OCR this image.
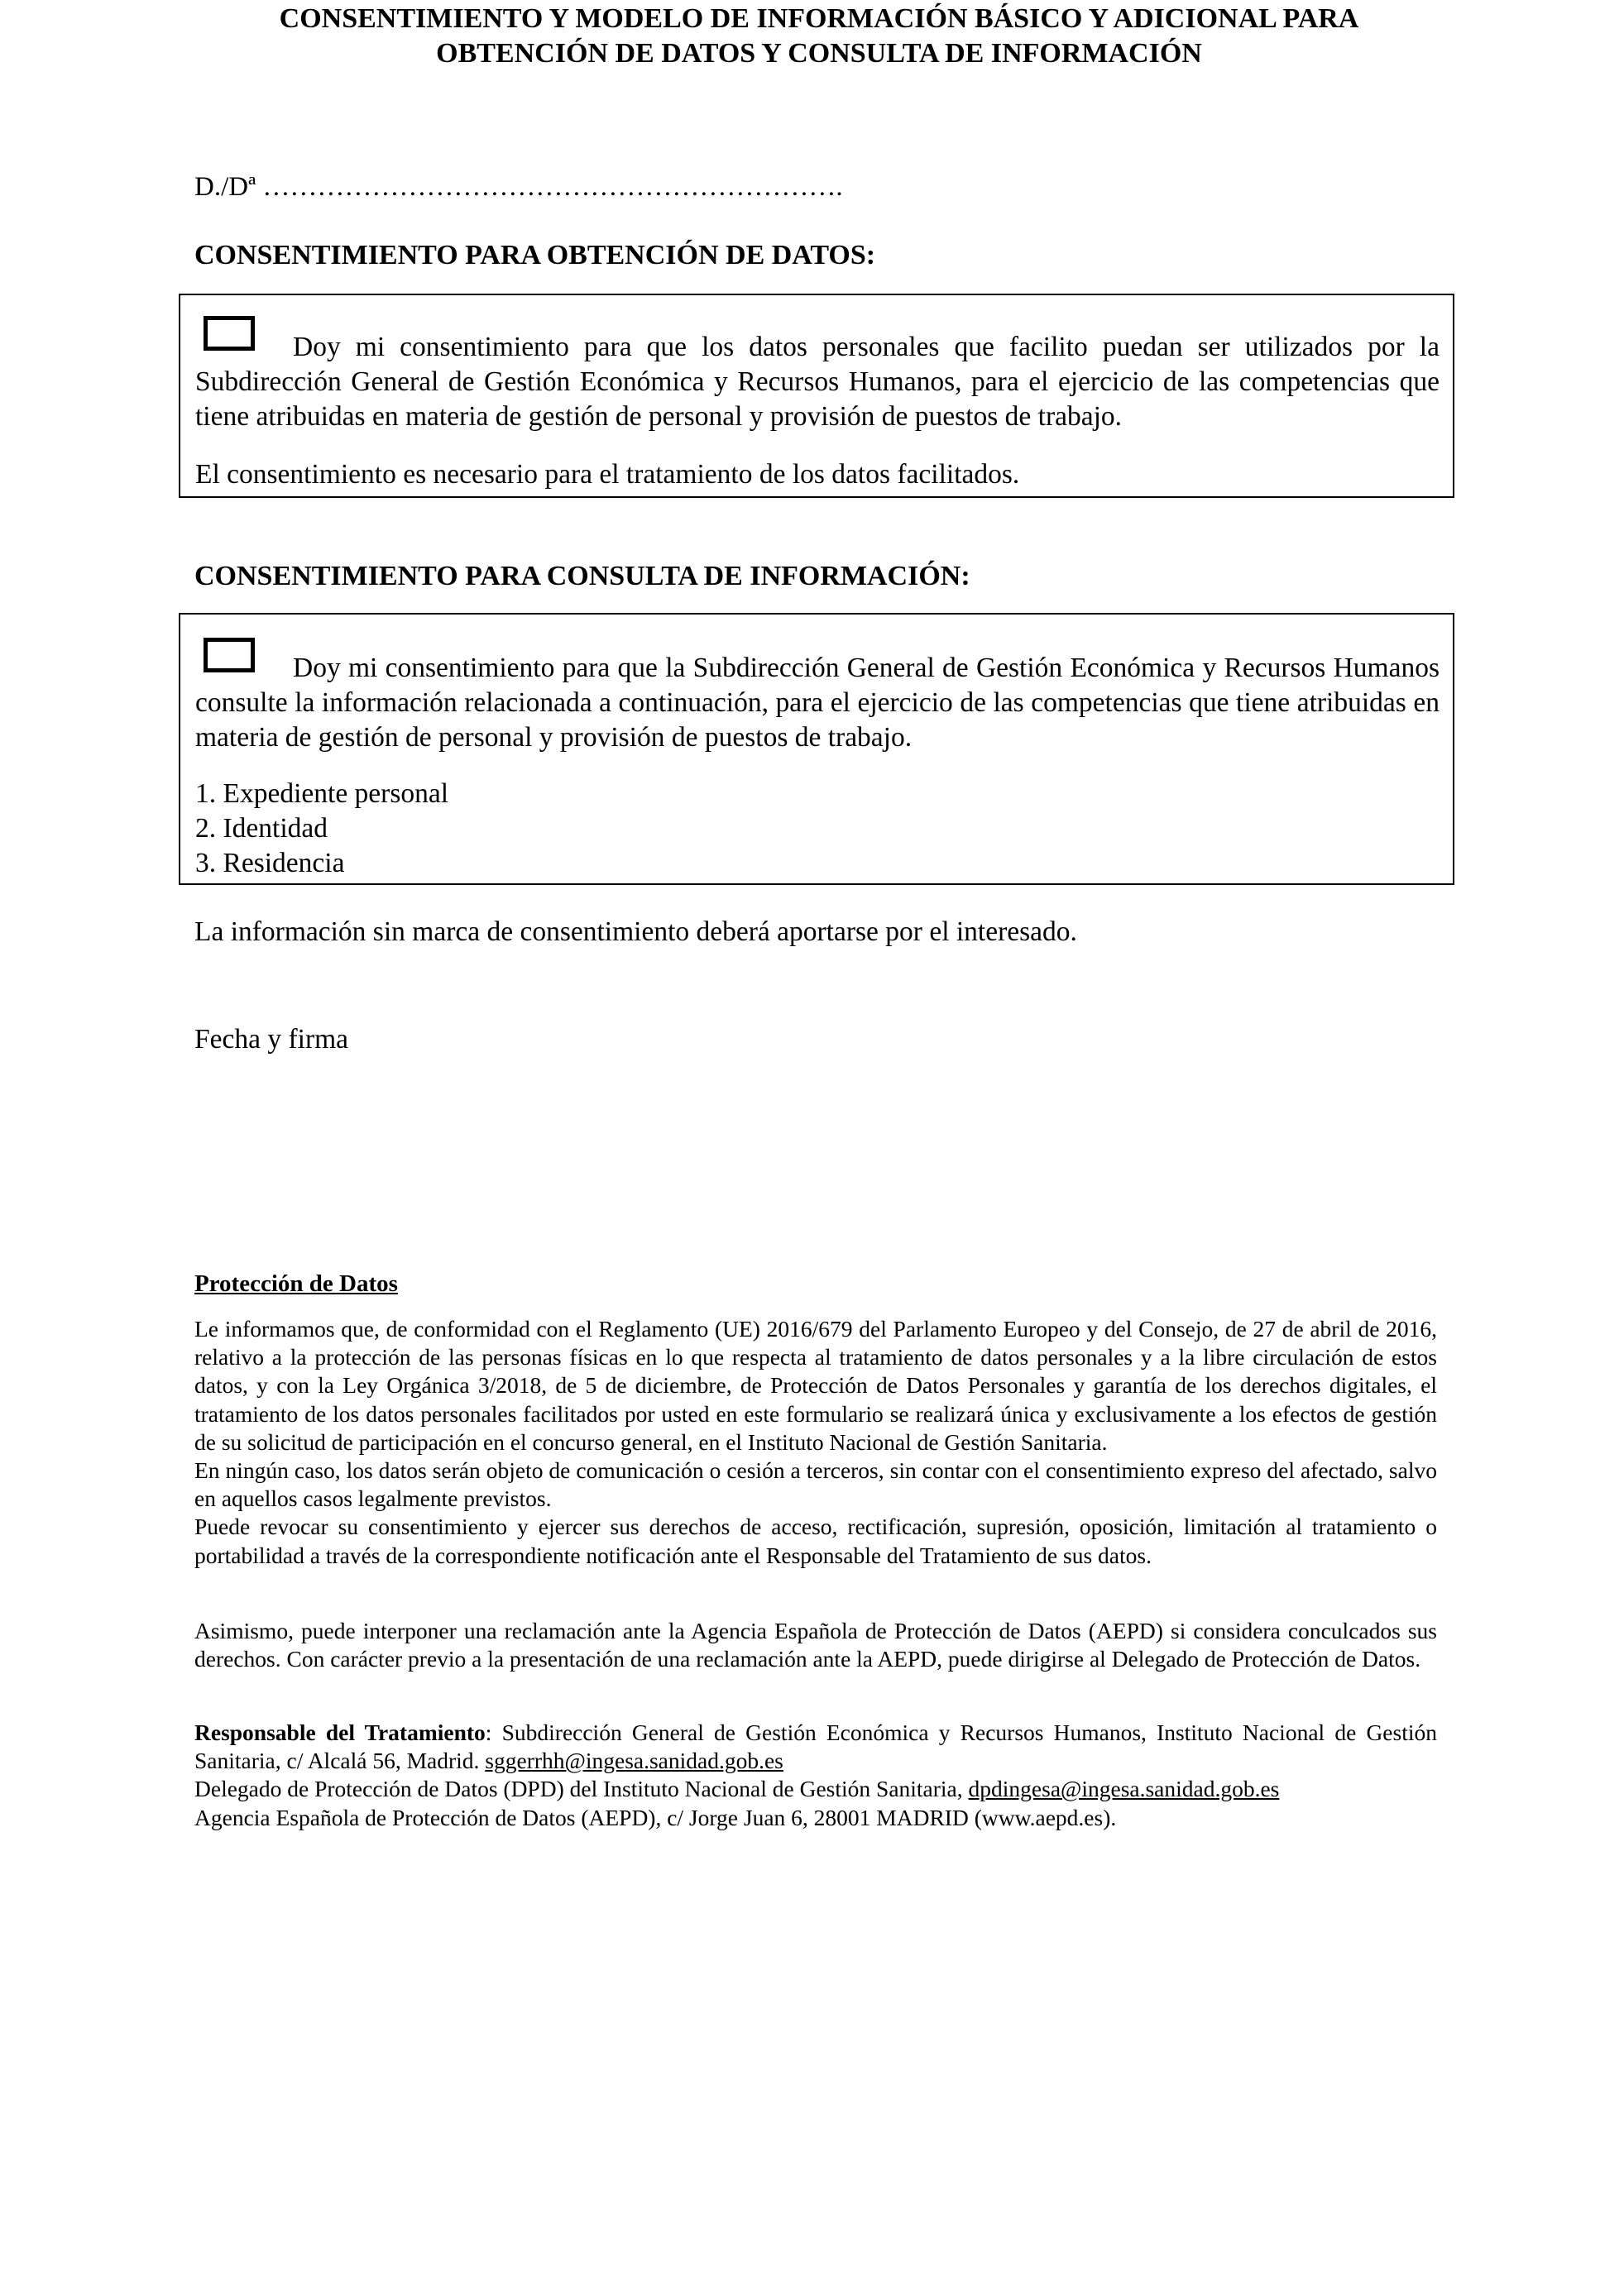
CONSENTIMIENTO Y MODELO DE INFORMACIÓN BÁSICO Y ADICIONAL PARA
OBTENCIÓN DE DATOS Y CONSULTA DE INFORMACIÓN

D./Dª ……………………………………………………….

CONSENTIMIENTO PARA OBTENCIÓN DE DATOS:

Doy mi consentimiento para que los datos personales que facilito puedan ser utilizados por la Subdirección General de Gestión Económica y Recursos Humanos, para el ejercicio de las competencias que tiene atribuidas en materia de gestión de personal y provisión de puestos de trabajo.

El consentimiento es necesario para el tratamiento de los datos facilitados.

CONSENTIMIENTO PARA CONSULTA DE INFORMACIÓN:

Doy mi consentimiento para que la Subdirección General de Gestión Económica y Recursos Humanos consulte la información relacionada a continuación, para el ejercicio de las competencias que tiene atribuidas en materia de gestión de personal y provisión de puestos de trabajo.

1. Expediente personal
2. Identidad
3. Residencia

La información sin marca de consentimiento deberá aportarse por el interesado.

Fecha y firma

Protección de Datos

Le informamos que, de conformidad con el Reglamento (UE) 2016/679 del Parlamento Europeo y del Consejo, de 27 de abril de 2016, relativo a la protección de las personas físicas en lo que respecta al tratamiento de datos personales y a la libre circulación de estos datos, y con la Ley Orgánica 3/2018, de 5 de diciembre, de Protección de Datos Personales y garantía de los derechos digitales, el tratamiento de los datos personales facilitados por usted en este formulario se realizará única y exclusivamente a los efectos de gestión de su solicitud de participación en el concurso general, en el Instituto Nacional de Gestión Sanitaria.

En ningún caso, los datos serán objeto de comunicación o cesión a terceros, sin contar con el consentimiento expreso del afectado, salvo en aquellos casos legalmente previstos.

Puede revocar su consentimiento y ejercer sus derechos de acceso, rectificación, supresión, oposición, limitación al tratamiento o portabilidad a través de la correspondiente notificación ante el Responsable del Tratamiento de sus datos.

Asimismo, puede interponer una reclamación ante la Agencia Española de Protección de Datos (AEPD) si considera conculcados sus derechos. Con carácter previo a la presentación de una reclamación ante la AEPD, puede dirigirse al Delegado de Protección de Datos.

Responsable del Tratamiento: Subdirección General de Gestión Económica y Recursos Humanos, Instituto Nacional de Gestión Sanitaria, c/ Alcalá 56, Madrid. sggerrhh@ingesa.sanidad.gob.es

Delegado de Protección de Datos (DPD) del Instituto Nacional de Gestión Sanitaria, dpdingesa@ingesa.sanidad.gob.es

Agencia Española de Protección de Datos (AEPD), c/ Jorge Juan 6, 28001 MADRID (www.aepd.es).
